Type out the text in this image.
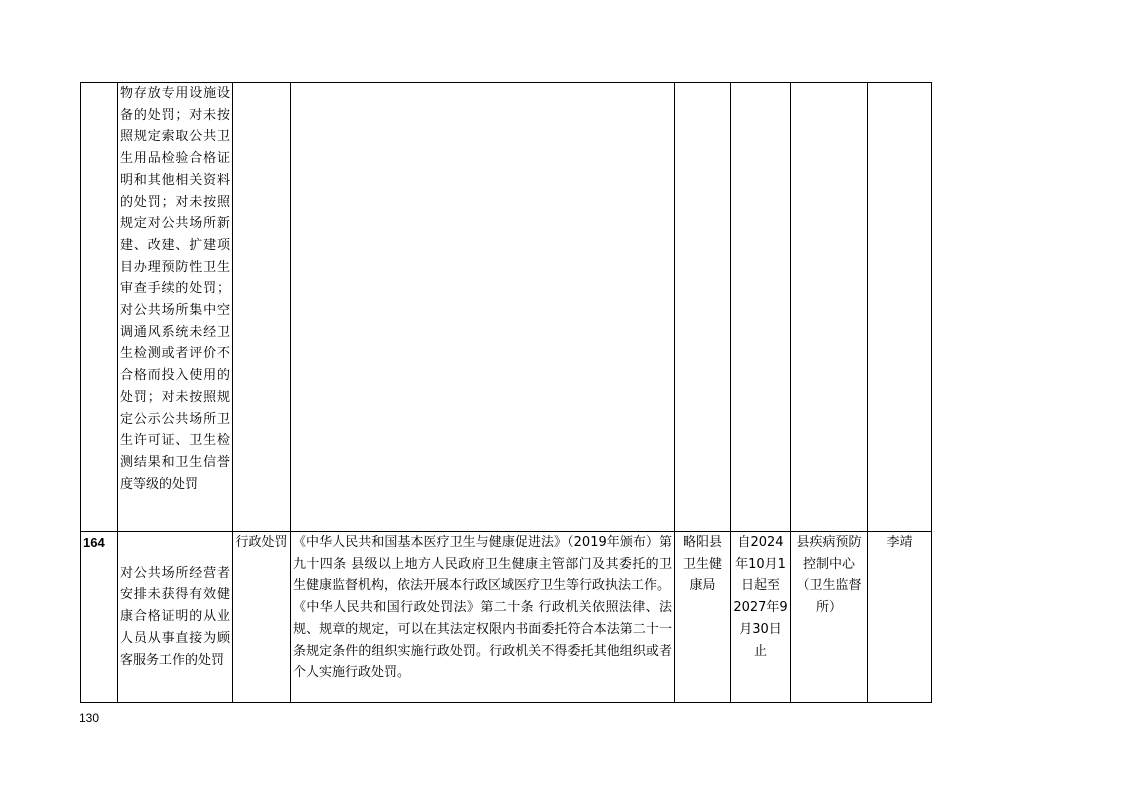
	物存放专用设施设备的处罚；对未按照规定索取公共卫生用品检验合格证明和其他相关资料的处罚；对未按照规定对公共场所新建、改建、扩建项目办理预防性卫生审查手续的处罚；对公共场所集中空调通风系统未经卫生检测或者评价不合格而投入使用的处罚；对未按照规定公示公共场所卫生许可证、卫生检测结果和卫生信誉度等级的处罚						
164	对公共场所经营者安排未获得有效健康合格证明的从业人员从事直接为顾客服务工作的处罚	行政处罚	《中华人民共和国基本医疗卫生与健康促进法》（2019年颁布）第九十四条 县级以上地方人民政府卫生健康主管部门及其委托的卫生健康监督机构，依法开展本行政区域医疗卫生等行政执法工作。
《中华人民共和国行政处罚法》第二十条 行政机关依照法律、法规、规章的规定，可以在其法定权限内书面委托符合本法第二十一条规定条件的组织实施行政处罚。行政机关不得委托其他组织或者个人实施行政处罚。	略阳县卫生健康局	自2024年10月1日起至2027年9月30日止	县疾病预防控制中心（卫生监督所）	李靖
130
